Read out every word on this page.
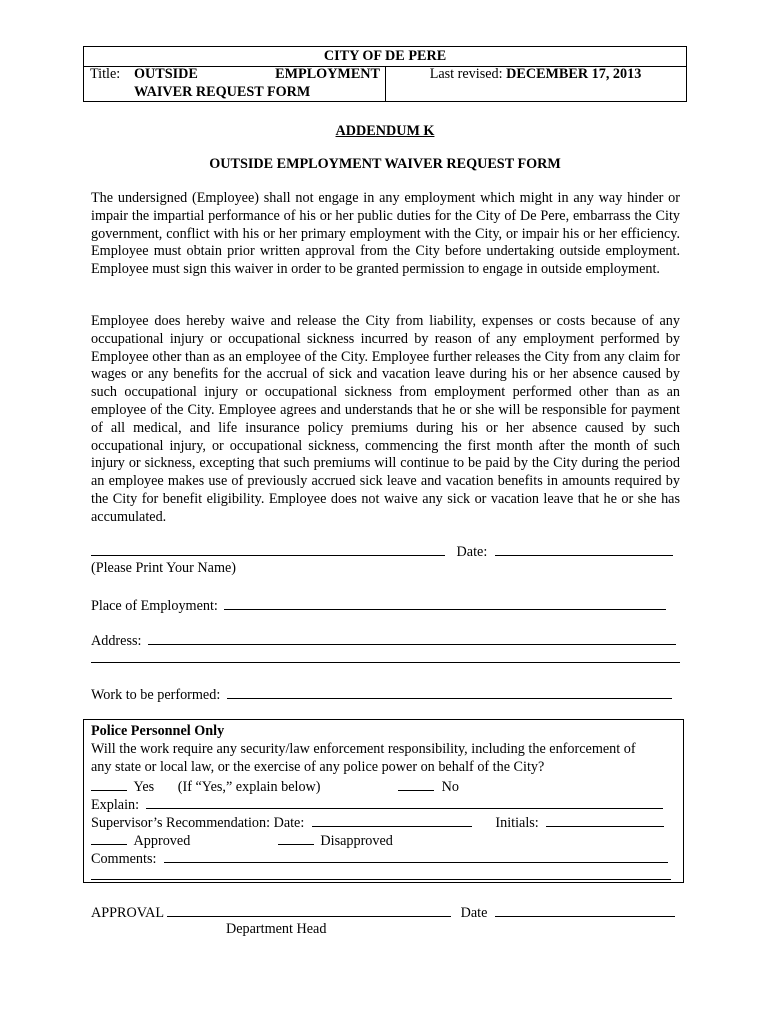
CITY OF DE PERE
Title: OUTSIDE	EMPLOYMENT
WAIVER REQUEST FORM
Last revised: DECEMBER 17, 2013
ADDENDUM K
OUTSIDE EMPLOYMENT WAIVER REQUEST FORM

The undersigned (Employee) shall not engage in any employment which might in any way hinder or impair the impartial performance of his or her public duties for the City of De Pere, embarrass the City government, conflict with his or her primary employment with the City, or impair his or her efficiency. Employee must obtain prior written approval from the City before undertaking outside employment. Employee must sign this waiver in order to be granted permission to engage in outside employment.

Employee does hereby waive and release the City from liability, expenses or costs because of any occupational injury or occupational sickness incurred by reason of any employment performed by Employee other than as an employee of the City. Employee further releases the City from any claim for wages or any benefits for the accrual of sick and vacation leave during his or her absence caused by such occupational injury or occupational sickness from employment performed other than as an employee of the City. Employee agrees and understands that he or she will be responsible for payment of all medical, and life insurance policy premiums during his or her absence caused by such occupational injury, or occupational sickness, commencing the first month after the month of such injury or sickness, excepting that such premiums will continue to be paid by the City during the period an employee makes use of previously accrued sick leave and vacation benefits in amounts required by the City for benefit eligibility. Employee does not waive any sick or vacation leave that he or she has accumulated.

Date:
(Please Print Your Name)
Place of Employment:
Address:
Work to be performed:
Police Personnel Only
Will the work require any security/law enforcement responsibility, including the enforcement of
any state or local law, or the exercise of any police power on behalf of the City?
Yes (If “Yes,” explain below)	No
Explain:
Supervisor’s Recommendation: Date:	Initials:
Approved	Disapproved
Comments:
APPROVAL	Date
Department Head
